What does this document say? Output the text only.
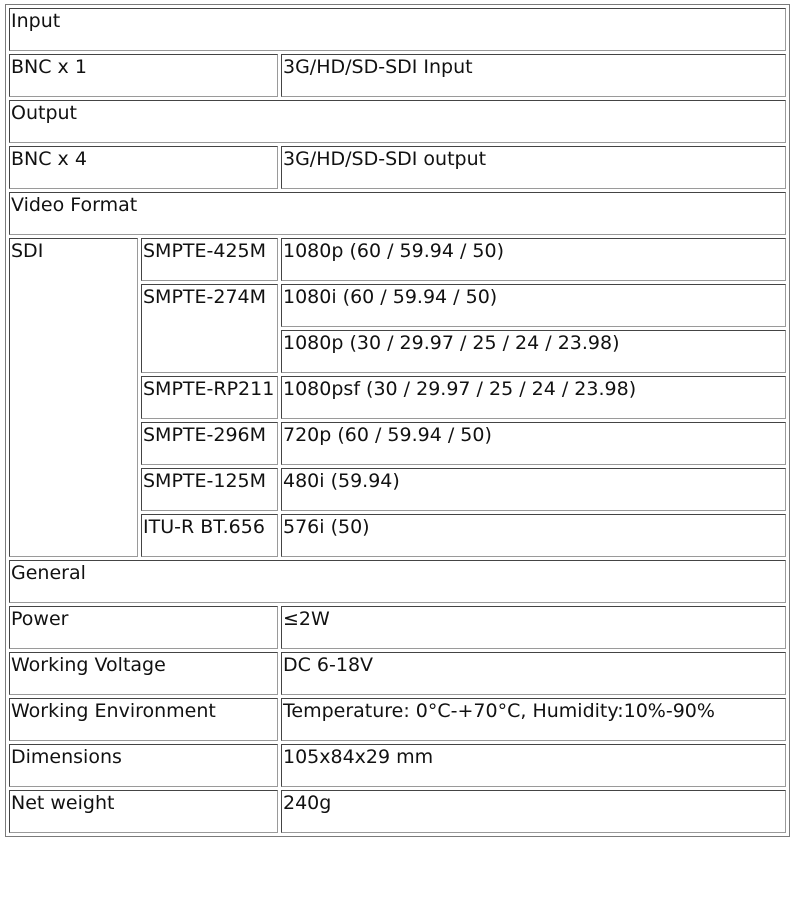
Input		
BNC x 1		3G/HD/SD-SDI Input
Output		
BNC x 4		3G/HD/SD-SDI output
Video Format		
SDI	SMPTE-425M	1080p (60 / 59.94 / 50)
	SMPTE-274M	1080i (60 / 59.94 / 50)
		1080p (30 / 29.97 / 25 / 24 / 23.98)
	SMPTE-RP211	1080psf (30 / 29.97 / 25 / 24 / 23.98)
	SMPTE-296M	720p (60 / 59.94 / 50)
	SMPTE-125M	480i (59.94)
	ITU-R BT.656	576i (50)
General		
Power		≤2W
Working Voltage		DC 6-18V
Working Environment		Temperature: 0°C-+70°C, Humidity:10%-90%
Dimensions		105x84x29 mm
Net weight		240g
